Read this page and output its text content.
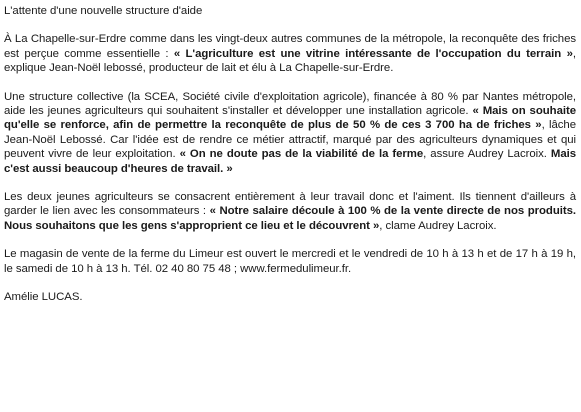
L'attente d'une nouvelle structure d'aide

À La Chapelle-sur-Erdre comme dans les vingt-deux autres communes de la métropole, la reconquête des friches est perçue comme essentielle : « L'agriculture est une vitrine intéressante de l'occupation du terrain », explique Jean-Noël lebossé, producteur de lait et élu à La Chapelle-sur-Erdre.

Une structure collective (la SCEA, Société civile d'exploitation agricole), financée à 80 % par Nantes métropole, aide les jeunes agriculteurs qui souhaitent s'installer et développer une installation agricole. « Mais on souhaite qu'elle se renforce, afin de permettre la reconquête de plus de 50 % de ces 3 700 ha de friches », lâche Jean-Noël Lebossé. Car l'idée est de rendre ce métier attractif, marqué par des agriculteurs dynamiques et qui peuvent vivre de leur exploitation. « On ne doute pas de la viabilité de la ferme, assure Audrey Lacroix. Mais c'est aussi beaucoup d'heures de travail. »

Les deux jeunes agriculteurs se consacrent entièrement à leur travail donc et l'aiment. Ils tiennent d'ailleurs à garder le lien avec les consommateurs : « Notre salaire découle à 100 % de la vente directe de nos produits. Nous souhaitons que les gens s'approprient ce lieu et le découvrent », clame Audrey Lacroix.

Le magasin de vente de la ferme du Limeur est ouvert le mercredi et le vendredi de 10 h à 13 h et de 17 h à 19 h, le samedi de 10 h à 13 h. Tél. 02 40 80 75 48 ; www.fermedulimeur.fr.

Amélie LUCAS.
